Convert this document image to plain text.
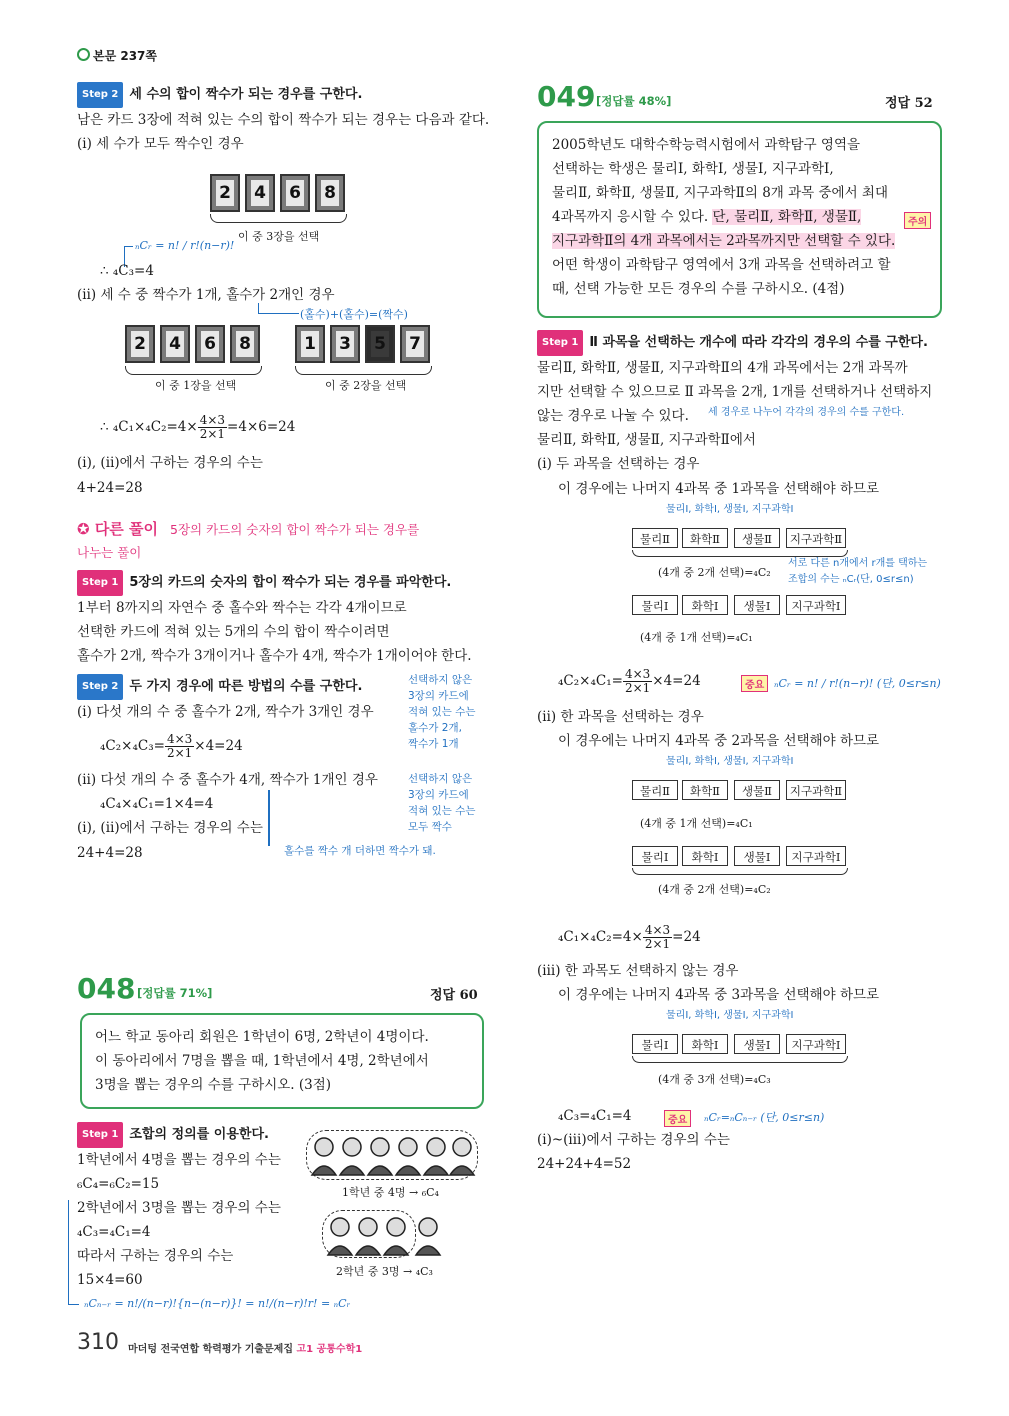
본문 237쪽
Step 2 세 수의 합이 짝수가 되는 경우를 구한다.
남은 카드 3장에 적혀 있는 수의 합이 짝수가 되는 경우는 다음과 같다.
(ⅰ) 세 수가 모두 짝수인 경우
2 4 6 8
이 중 3장을 선택
ₙCᵣ = n! / r!(n−r)!
∴ ₄C₃=4
(ⅱ) 세 수 중 짝수가 1개, 홀수가 2개인 경우
(홀수)+(홀수)=(짝수)
2 4 6 8	1 3 5 7
이 중 1장을 선택	이 중 2장을 선택
∴ $_4C_1\times_4C_2=4\times \frac{4\times 3}{2\times 1} =4\times 6=24$
(ⅰ), (ⅱ)에서 구하는 경우의 수는
4+24=28
✪ 다른 풀이 5장의 카드의 숫자의 합이 짝수가 되는 경우를
나누는 풀이
Step 1 5장의 카드의 숫자의 합이 짝수가 되는 경우를 파악한다.
1부터 8까지의 자연수 중 홀수와 짝수는 각각 4개이므로
선택한 카드에 적혀 있는 5개의 수의 합이 짝수이려면
홀수가 2개, 짝수가 3개이거나 홀수가 4개, 짝수가 1개이어야 한다.
Step 2 두 가지 경우에 따른 방법의 수를 구한다.
(ⅰ) 다섯 개의 수 중 홀수가 2개, 짝수가 3개인 경우
$_4C_2\times_4C_3= \frac{4\times 3}{2\times 1} \times 4=24$
(ⅱ) 다섯 개의 수 중 홀수가 4개, 짝수가 1개인 경우
₄C₄×₄C₁=1×4=4
(ⅰ), (ⅱ)에서 구하는 경우의 수는
24+4=28
선택하지 않은
3장의 카드에
적혀 있는 수는
홀수가 2개,
짝수가 1개
선택하지 않은
3장의 카드에
적혀 있는 수는
모두 짝수
홀수를 짝수 개 더하면 짝수가 돼.
048 [정답률 71%]	정답 60
어느 학교 동아리 회원은 1학년이 6명, 2학년이 4명이다.
이 동아리에서 7명을 뽑을 때, 1학년에서 4명, 2학년에서
3명을 뽑는 경우의 수를 구하시오. (3점)
Step 1 조합의 정의를 이용한다.
1학년에서 4명을 뽑는 경우의 수는
₆C₄=₆C₂=15
2학년에서 3명을 뽑는 경우의 수는
₄C₃=₄C₁=4
따라서 구하는 경우의 수는
15×4=60
ₙCₙ₋ᵣ = n!/(n−r)!{n−(n−r)}! = n!/(n−r)!r! = ₙCᵣ
1학년 중 4명 → ₆C₄
2학년 중 3명 → ₄C₃
049 [정답률 48%]	정답 52
2005학년도 대학수학능력시험에서 과학탐구 영역을
선택하는 학생은 물리Ⅰ, 화학Ⅰ, 생물Ⅰ, 지구과학Ⅰ,
물리Ⅱ, 화학Ⅱ, 생물Ⅱ, 지구과학Ⅱ의 8개 과목 중에서 최대
4과목까지 응시할 수 있다. 단, 물리Ⅱ, 화학Ⅱ, 생물Ⅱ,
지구과학Ⅱ의 4개 과목에서는 2과목까지만 선택할 수 있다.
주의
어떤 학생이 과학탐구 영역에서 3개 과목을 선택하려고 할
때, 선택 가능한 모든 경우의 수를 구하시오. (4점)
Step 1 Ⅱ 과목을 선택하는 개수에 따라 각각의 경우의 수를 구한다.
물리Ⅱ, 화학Ⅱ, 생물Ⅱ, 지구과학Ⅱ의 4개 과목에서는 2개 과목까
지만 선택할 수 있으므로 Ⅱ 과목을 2개, 1개를 선택하거나 선택하지
않는 경우로 나눌 수 있다. 세 경우로 나누어 각각의 경우의 수를 구한다.
물리Ⅱ, 화학Ⅱ, 생물Ⅱ, 지구과학Ⅱ에서
(ⅰ) 두 과목을 선택하는 경우
이 경우에는 나머지 4과목 중 1과목을 선택해야 하므로
물리Ⅰ, 화학Ⅰ, 생물Ⅰ, 지구과학Ⅰ
물리Ⅱ	화학Ⅱ	생물Ⅱ	지구과학Ⅱ
(4개 중 2개 선택)=₄C₂
서로 다른 n개에서 r개를 택하는
조합의 수는 ₙCᵣ(단, 0≤r≤n)
물리Ⅰ	화학Ⅰ	생물Ⅰ	지구과학Ⅰ
(4개 중 1개 선택)=₄C₁
$_4C_2\times_4C_1= \frac{4\times 3}{2\times 1} \times 4=24$	중요 ₙCᵣ = n! / r!(n−r)! (단, 0≤r≤n)
(ⅱ) 한 과목을 선택하는 경우
이 경우에는 나머지 4과목 중 2과목을 선택해야 하므로
물리Ⅰ, 화학Ⅰ, 생물Ⅰ, 지구과학Ⅰ
물리Ⅱ	화학Ⅱ	생물Ⅱ	지구과학Ⅱ
(4개 중 1개 선택)=₄C₁
물리Ⅰ	화학Ⅰ	생물Ⅰ	지구과학Ⅰ
(4개 중 2개 선택)=₄C₂
$_4C_1\times_4C_2=4\times \frac{4\times 3}{2\times 1} =24$
(ⅲ) 한 과목도 선택하지 않는 경우
이 경우에는 나머지 4과목 중 3과목을 선택해야 하므로
물리Ⅰ, 화학Ⅰ, 생물Ⅰ, 지구과학Ⅰ
물리Ⅰ	화학Ⅰ	생물Ⅰ	지구과학Ⅰ
(4개 중 3개 선택)=₄C₃
₄C₃=₄C₁=4	중요	ₙCᵣ=ₙCₙ₋ᵣ (단, 0≤r≤n)
(ⅰ)~(ⅲ)에서 구하는 경우의 수는
24+24+4=52
310 마더텅 전국연합 학력평가 기출문제집 고1 공통수학1
